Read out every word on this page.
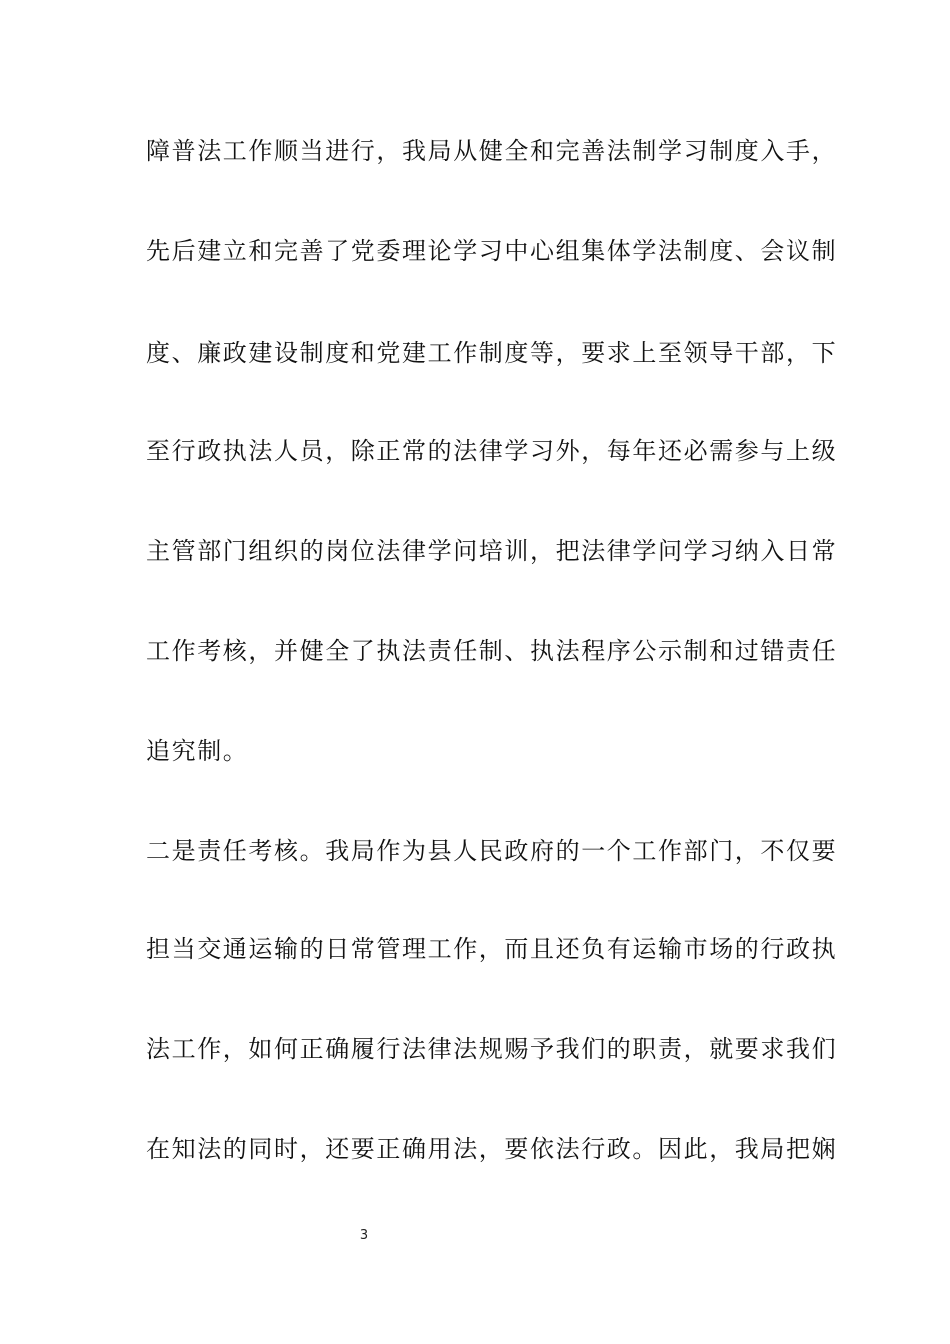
障普法工作顺当进行，我局从健全和完善法制学习制度入手，
先后建立和完善了党委理论学习中心组集体学法制度、会议制
度、廉政建设制度和党建工作制度等，要求上至领导干部，下
至行政执法人员，除正常的法律学习外，每年还必需参与上级
主管部门组织的岗位法律学问培训，把法律学问学习纳入日常
工作考核，并健全了执法责任制、执法程序公示制和过错责任
追究制。
二是责任考核。我局作为县人民政府的一个工作部门，不仅要
担当交通运输的日常管理工作，而且还负有运输市场的行政执
法工作，如何正确履行法律法规赐予我们的职责，就要求我们
在知法的同时，还要正确用法，要依法行政。因此，我局把娴
3
